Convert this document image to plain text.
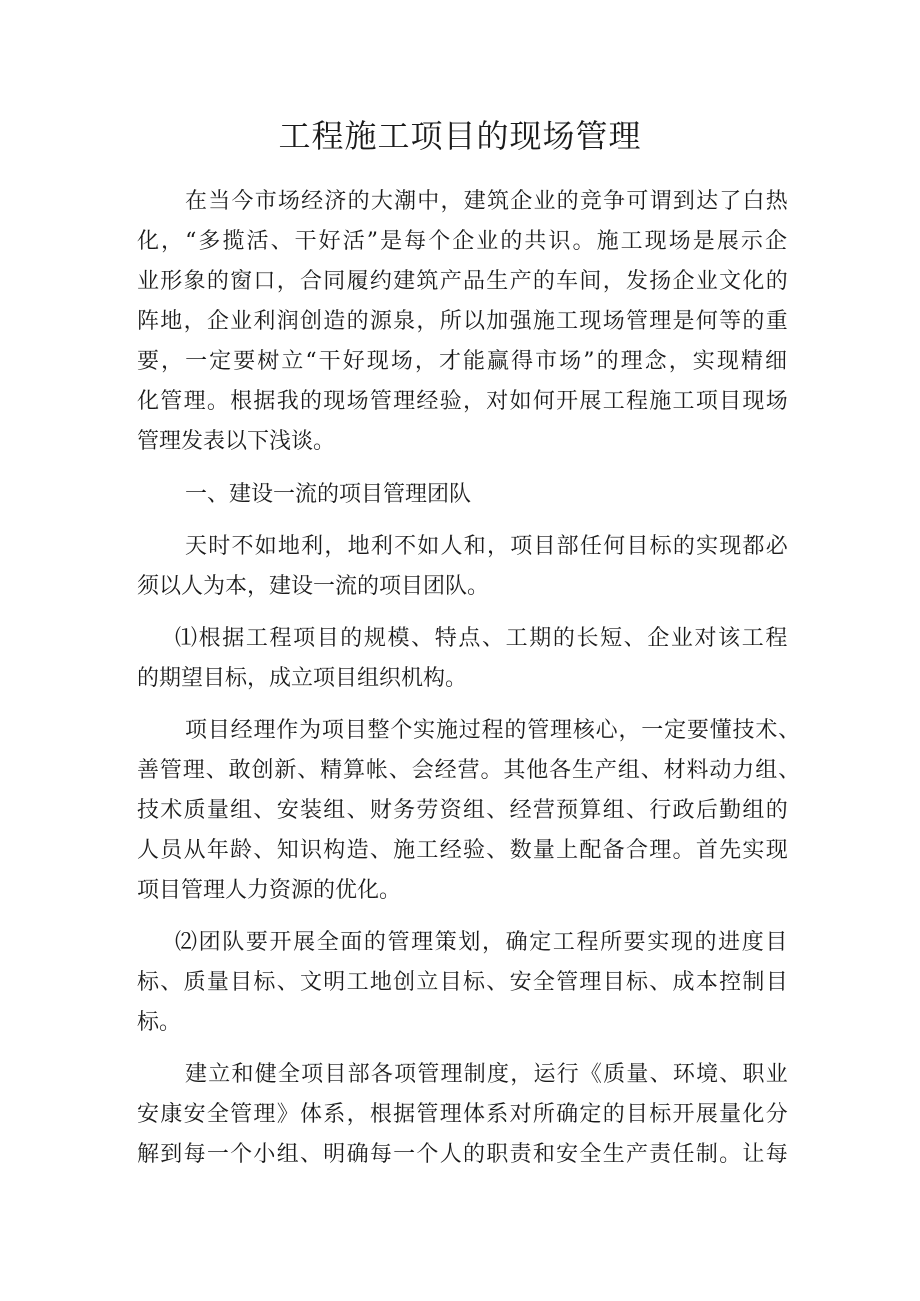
工程施工项目的现场管理

在当今市场经济的大潮中，建筑企业的竞争可谓到达了白热

化，“多揽活、干好活”是每个企业的共识。施工现场是展示企

业形象的窗口，合同履约建筑产品生产的车间，发扬企业文化的

阵地，企业利润创造的源泉，所以加强施工现场管理是何等的重

要，一定要树立“干好现场，才能赢得市场”的理念，实现精细

化管理。根据我的现场管理经验，对如何开展工程施工项目现场

管理发表以下浅谈。

一、建设一流的项目管理团队

天时不如地利，地利不如人和，项目部任何目标的实现都必

须以人为本，建设一流的项目团队。

⑴根据工程项目的规模、特点、工期的长短、企业对该工程

的期望目标，成立项目组织机构。

项目经理作为项目整个实施过程的管理核心，一定要懂技术、

善管理、敢创新、精算帐、会经营。其他各生产组、材料动力组、

技术质量组、安装组、财务劳资组、经营预算组、行政后勤组的

人员从年龄、知识构造、施工经验、数量上配备合理。首先实现

项目管理人力资源的优化。

⑵团队要开展全面的管理策划，确定工程所要实现的进度目

标、质量目标、文明工地创立目标、安全管理目标、成本控制目

标。

建立和健全项目部各项管理制度，运行《质量、环境、职业

安康安全管理》体系，根据管理体系对所确定的目标开展量化分

解到每一个小组、明确每一个人的职责和安全生产责任制。让每
